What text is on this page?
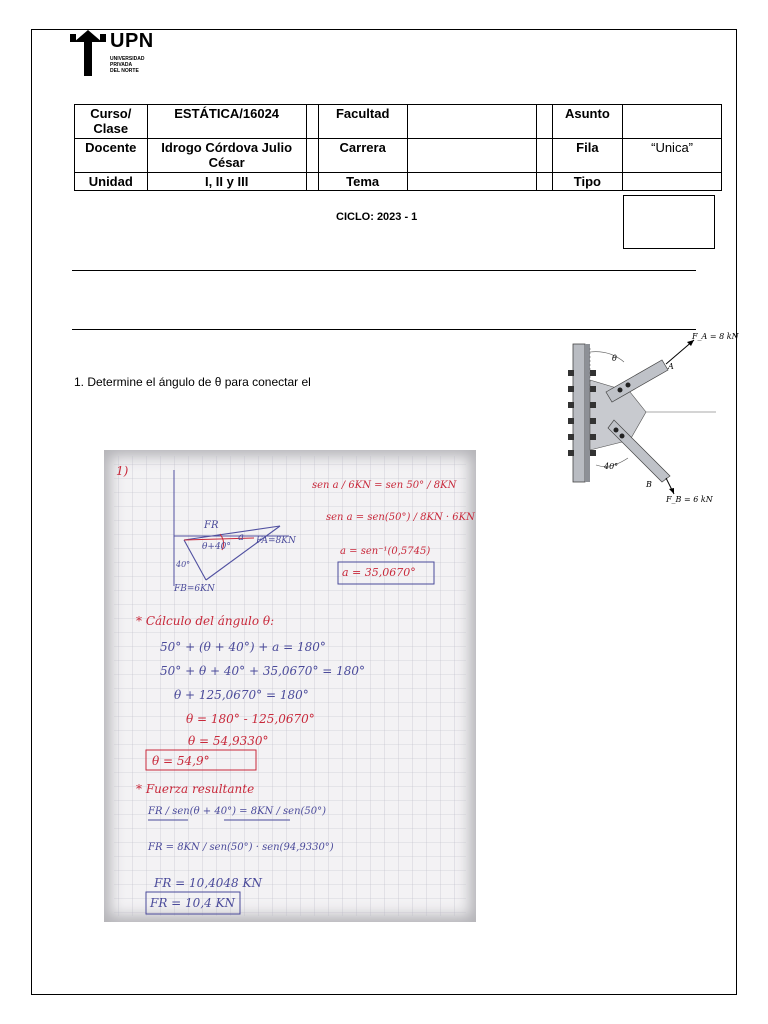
UPN
UNIVERSIDAD
PRIVADA
DEL NORTE
Curso/ Clase	ESTÁTICA/16024		Facultad			Asunto	
Docente	Idrogo Córdova Julio César		Carrera			Fila	“Unica”
Unidad	I, II y III		Tema			Tipo	
CICLO: 2023 - 1
1. Determine el ángulo de θ para conectar el
F_A = 8 kN
F_B = 6 kN
θ
A
B
40°
1)
FR
FA=8KN
θ+40°
a
40°
FB=6KN
sen a / 6KN = sen 50° / 8KN
sen a = sen(50°) / 8KN · 6KN
a = sen⁻¹(0,5745)
a = 35,0670°
* Cálculo del ángulo θ:
50° + (θ + 40°) + a = 180°
50° + θ + 40° + 35,0670° = 180°
θ + 125,0670° = 180°
θ = 180° - 125,0670°
θ = 54,9330°
θ = 54,9°
* Fuerza resultante
FR / sen(θ + 40°) = 8KN / sen(50°)
FR = 8KN / sen(50°) · sen(94,9330°)
FR = 10,4048 KN
FR = 10,4 KN
